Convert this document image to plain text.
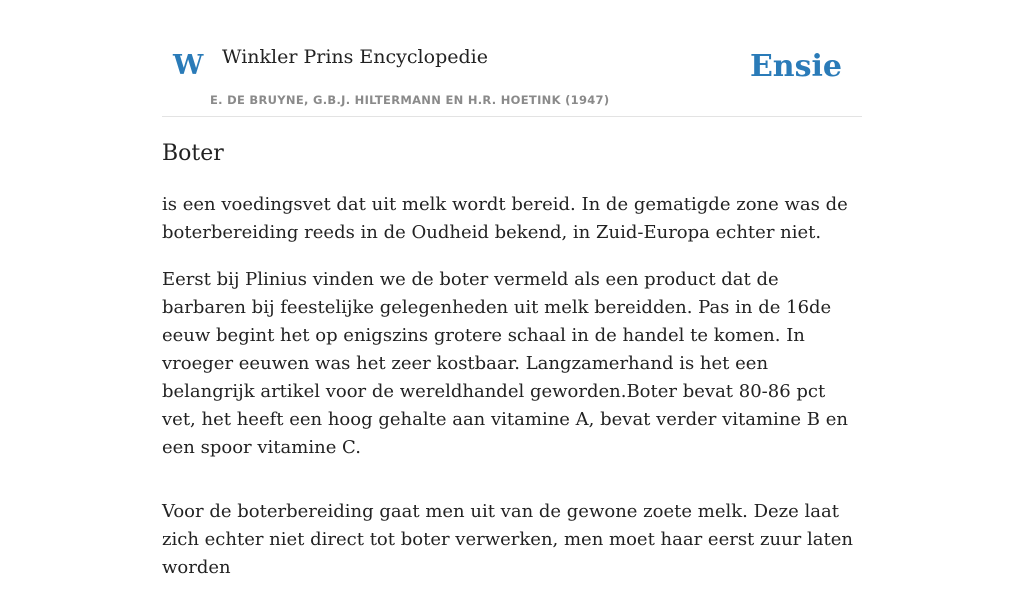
W Winkler Prins Encyclopedie
E. DE BRUYNE, G.B.J. HILTERMANN EN H.R. HOETINK (1947)
Ensie
Boter

is een voedingsvet dat uit melk wordt bereid. In de gematigde zone was de boterbereiding reeds in de Oudheid bekend, in Zuid-Europa echter niet.

Eerst bij Plinius vinden we de boter vermeld als een product dat de barbaren bij feestelijke gelegenheden uit melk bereidden. Pas in de 16de eeuw begint het op enigszins grotere schaal in de handel te komen. In vroeger eeuwen was het zeer kostbaar. Langzamerhand is het een belangrijk artikel voor de wereldhandel geworden.Boter bevat 80-86 pct vet, het heeft een hoog gehalte aan vitamine A, bevat verder vitamine B en een spoor vitamine C.

Voor de boterbereiding gaat men uit van de gewone zoete melk. Deze laat zich echter niet direct tot boter verwerken, men moet haar eerst zuur laten worden
